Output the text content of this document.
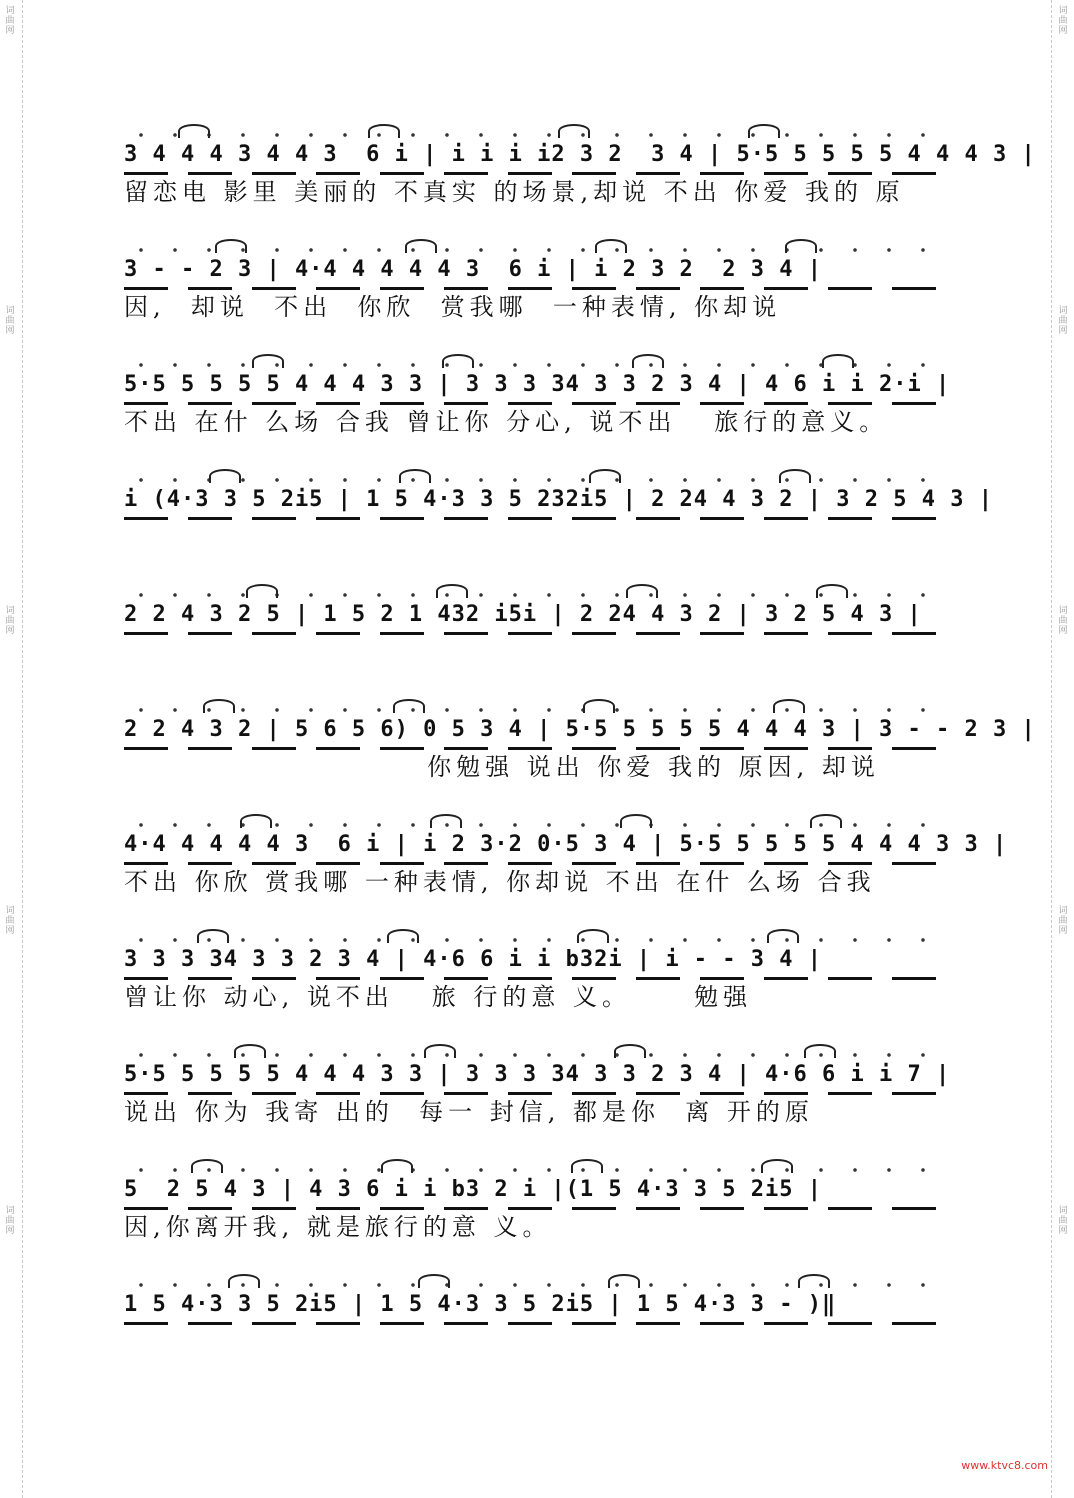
词
曲
网
词
曲
网
词
曲
网
词
曲
网
词
曲
网
词
曲
网
词
曲
网
词
曲
网
词
曲
网
词
曲
网
3 4 4 4 3 4 4 3  6 i | i i i i2 3 2  3 4 | 5·5 5 5 5 5 4 4 4 3 |
留恋电 影里 美丽的 不真实 的场景,却说 不出 你爱 我的 原
3 - - 2 3 | 4·4 4 4 4 4 3  6 i | i 2 3 2  2 3 4 |
因,  却说  不出  你欣  赏我哪  一种表情, 你却说
5·5 5 5 5 5 4 4 4 3 3 | 3 3 3 34 3 3 2 3 4 | 4 6 i i 2·i |
不出 在什 么场 合我 曾让你 分心, 说不出   旅行的意义。
i (4·3 3 5 2i5 | 1 5 4·3 3 5 232i5 | 2 24 4 3 2 | 3 2 5 4 3 |
2 2 4 3 2 5 | 1 5 2 1 432 i5i | 2 24 4 3 2 | 3 2 5 4 3 |
2 2 4 3 2 | 5 6 5 6) 0 5 3 4 | 5·5 5 5 5 5 4 4 4 3 | 3 - - 2 3 |
你勉强 说出 你爱 我的 原因, 却说
4·4 4 4 4 4 3  6 i | i 2 3·2 0·5 3 4 | 5·5 5 5 5 5 4 4 4 3 3 |
不出 你欣 赏我哪 一种表情, 你却说 不出 在什 么场 合我
3 3 3 34 3 3 2 3 4 | 4·6 6 i i b32i | i - - 3 4 |
曾让你 动心, 说不出   旅 行的意 义。     勉强
5·5 5 5 5 5 4 4 4 3 3 | 3 3 3 34 3 3 2 3 4 | 4·6 6 i i 7 |
说出 你为 我寄 出的  每一 封信, 都是你  离 开的原
5  2 5 4 3 | 4 3 6 i i b3 2 i |(1 5 4·3 3 5 2i5 |
因,你离开我, 就是旅行的意 义。
1 5 4·3 3 5 2i5 | 1 5 4·3 3 5 2i5 | 1 5 4·3 3 - )‖
www.ktvc8.com
